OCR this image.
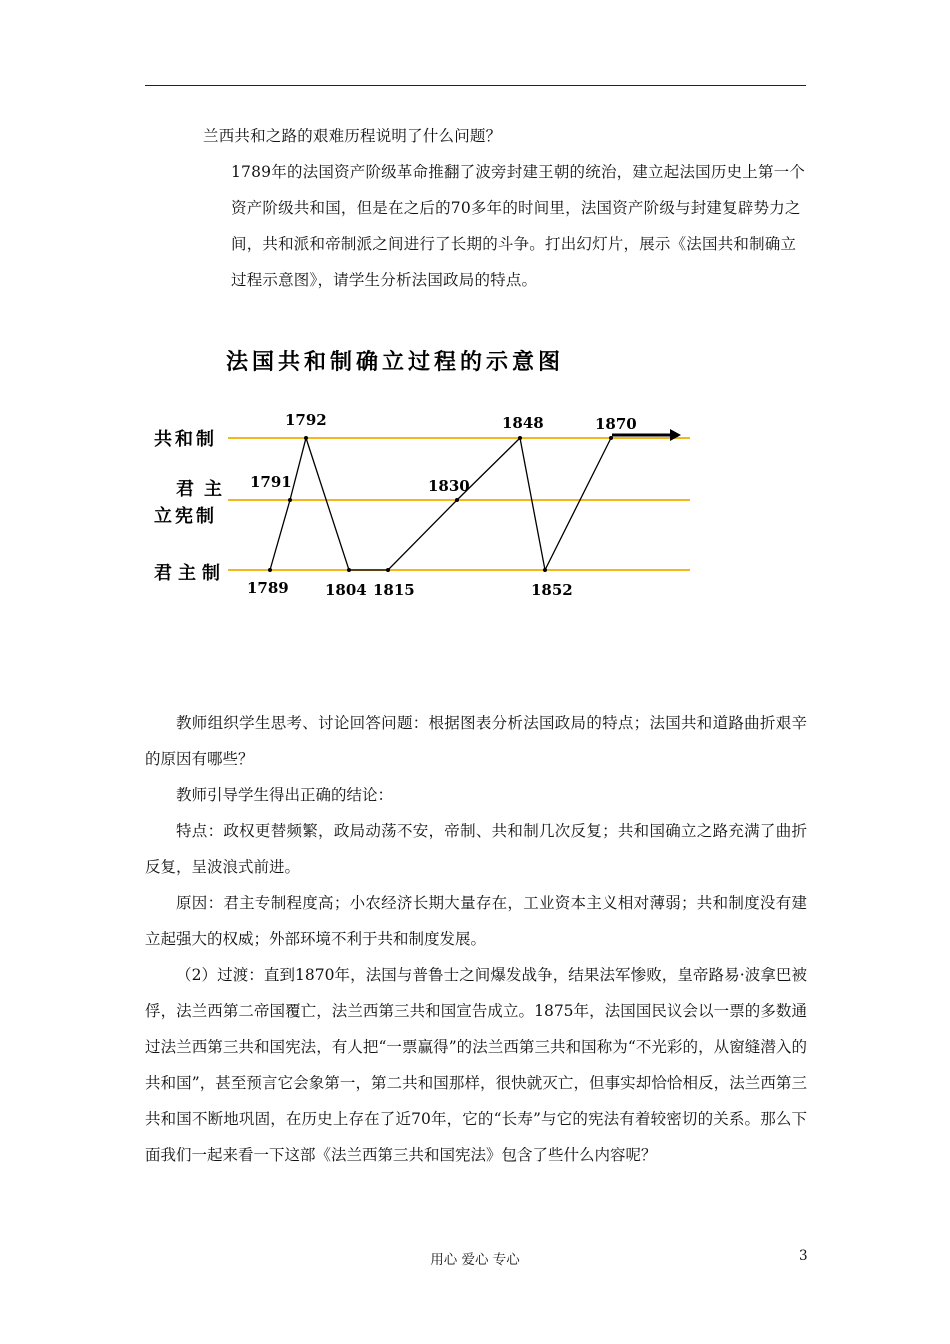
兰西共和之路的艰难历程说明了什么问题？
1789年的法国资产阶级革命推翻了波旁封建王朝的统治，建立起法国历史上第一个资产阶级共和国，但是在之后的70多年的时间里，法国资产阶级与封建复辟势力之间，共和派和帝制派之间进行了长期的斗争。打出幻灯片，展示《法国共和制确立过程示意图》，请学生分析法国政局的特点。
法国共和制确立过程的示意图
共和制
君主
立宪制
君主制
1789
1791
1792
1804 1815
1830
1848
1852
1870

教师组织学生思考、讨论回答问题：根据图表分析法国政局的特点；法国共和道路曲折艰辛的原因有哪些？

教师引导学生得出正确的结论：

特点：政权更替频繁，政局动荡不安，帝制、共和制几次反复；共和国确立之路充满了曲折反复，呈波浪式前进。

原因：君主专制程度高；小农经济长期大量存在，工业资本主义相对薄弱；共和制度没有建立起强大的权威；外部环境不利于共和制度发展。

（2）过渡：直到1870年，法国与普鲁士之间爆发战争，结果法军惨败，皇帝路易·波拿巴被俘，法兰西第二帝国覆亡，法兰西第三共和国宣告成立。1875年，法国国民议会以一票的多数通过法兰西第三共和国宪法，有人把“一票赢得”的法兰西第三共和国称为“不光彩的，从窗缝潜入的共和国”，甚至预言它会象第一，第二共和国那样，很快就灭亡，但事实却恰恰相反，法兰西第三共和国不断地巩固，在历史上存在了近70年，它的“长寿”与它的宪法有着较密切的关系。那么下面我们一起来看一下这部《法兰西第三共和国宪法》包含了些什么内容呢？

用心 爱心 专心	3
